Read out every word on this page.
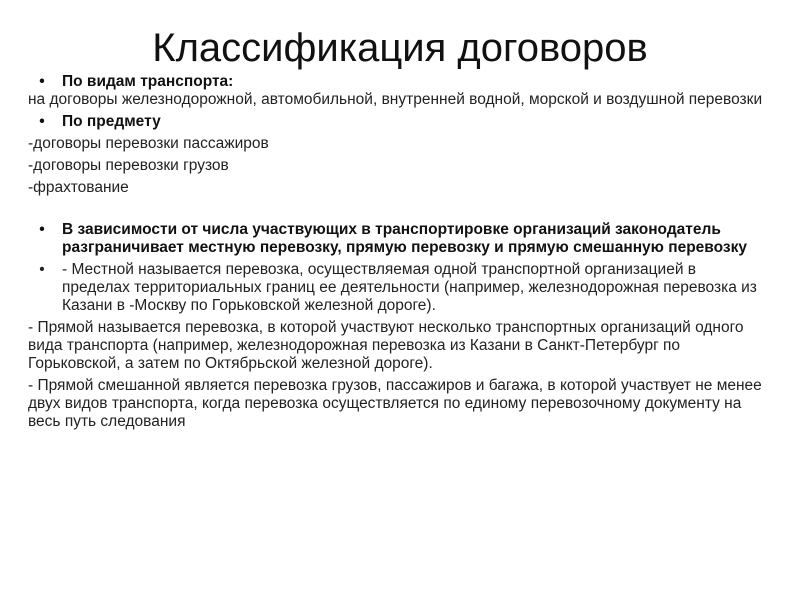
Классификация договоров
•	По видам транспорта:
на договоры железнодорожной, автомобильной, внутренней водной, морской и воздушной перевозки
•	По предмету
-договоры перевозки пассажиров
-договоры перевозки грузов
-фрахтование
•	В зависимости от числа участвующих в транспортировке организаций законодатель разграничивает местную перевозку, прямую перевозку и прямую смешанную перевозку
•	- Местной называется перевозка, осуществляемая одной транспортной организацией в пределах территориальных границ ее деятельности (например, железнодорожная перевозка из Казани в -Москву по Горьковской железной дороге).
- Прямой называется перевозка, в которой участвуют несколько транспортных организаций одного вида транспорта (например, железнодорожная перевозка из Казани в Санкт-Петербург по Горьковской, а затем по Октябрьской железной дороге).
- Прямой смешанной является перевозка грузов, пассажиров и багажа, в которой участвует не менее двух видов транспорта, когда перевозка осуществляется по единому перевозочному документу на весь путь следования
